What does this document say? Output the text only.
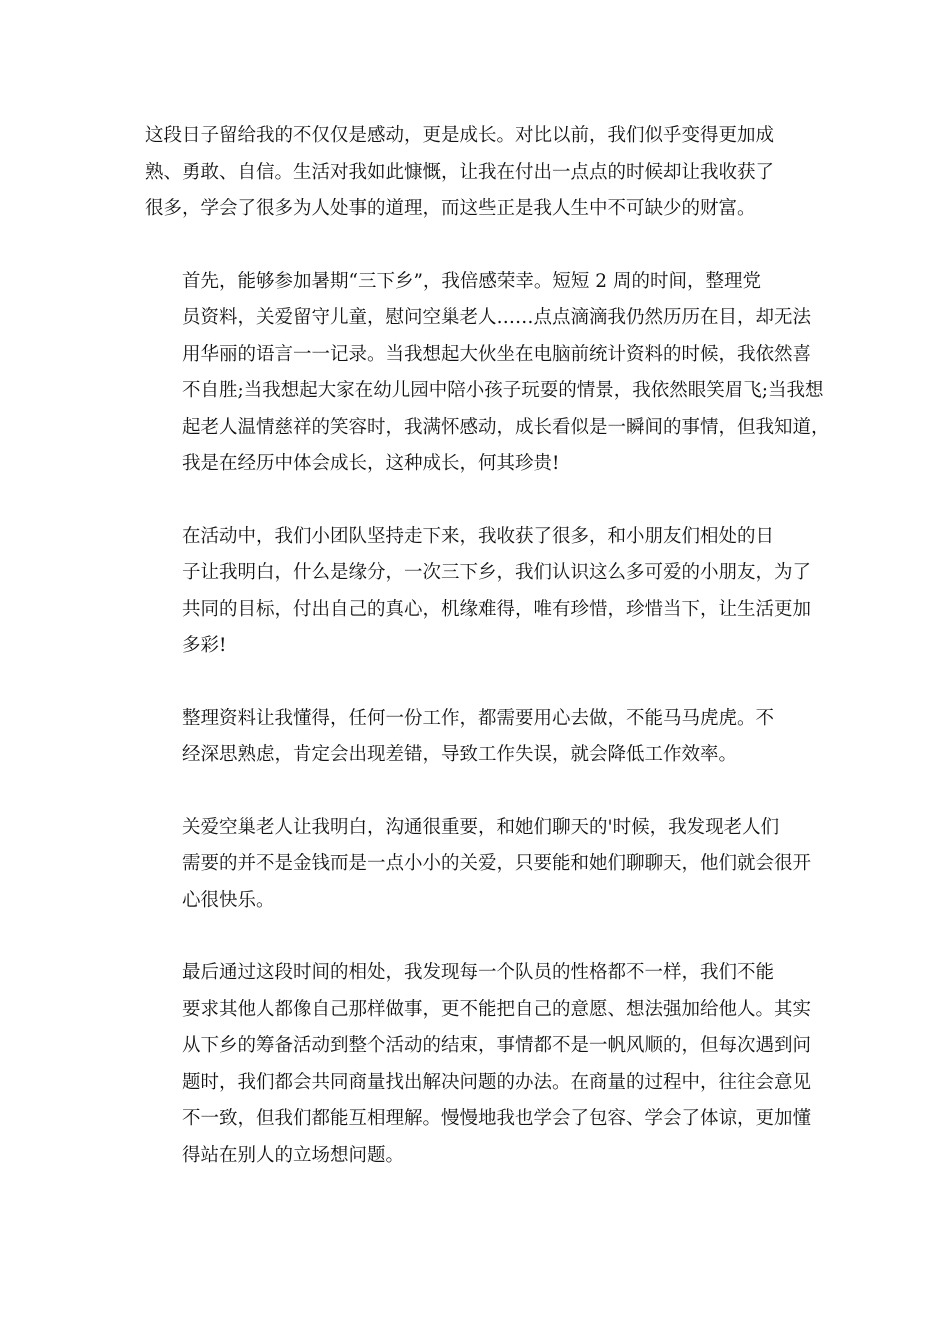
这段日子留给我的不仅仅是感动，更是成长。对比以前，我们似乎变得更加成
熟、勇敢、自信。生活对我如此慷慨，让我在付出一点点的时候却让我收获了
很多，学会了很多为人处事的道理，而这些正是我人生中不可缺少的财富。

首先，能够参加暑期“三下乡”，我倍感荣幸。短短 2 周的时间，整理党
员资料，关爱留守儿童，慰问空巢老人……点点滴滴我仍然历历在目，却无法
用华丽的语言一一记录。当我想起大伙坐在电脑前统计资料的时候，我依然喜
不自胜;当我想起大家在幼儿园中陪小孩子玩耍的情景，我依然眼笑眉飞;当我想
起老人温情慈祥的笑容时，我满怀感动，成长看似是一瞬间的事情，但我知道，
我是在经历中体会成长，这种成长，何其珍贵!

在活动中，我们小团队坚持走下来，我收获了很多，和小朋友们相处的日
子让我明白，什么是缘分，一次三下乡，我们认识这么多可爱的小朋友，为了
共同的目标，付出自己的真心，机缘难得，唯有珍惜，珍惜当下，让生活更加
多彩!

整理资料让我懂得，任何一份工作，都需要用心去做，不能马马虎虎。不
经深思熟虑，肯定会出现差错，导致工作失误，就会降低工作效率。

关爱空巢老人让我明白，沟通很重要，和她们聊天的'时候，我发现老人们
需要的并不是金钱而是一点小小的关爱，只要能和她们聊聊天，他们就会很开
心很快乐。

最后通过这段时间的相处，我发现每一个队员的性格都不一样，我们不能
要求其他人都像自己那样做事，更不能把自己的意愿、想法强加给他人。其实
从下乡的筹备活动到整个活动的结束，事情都不是一帆风顺的，但每次遇到问
题时，我们都会共同商量找出解决问题的办法。在商量的过程中，往往会意见
不一致，但我们都能互相理解。慢慢地我也学会了包容、学会了体谅，更加懂
得站在别人的立场想问题。
